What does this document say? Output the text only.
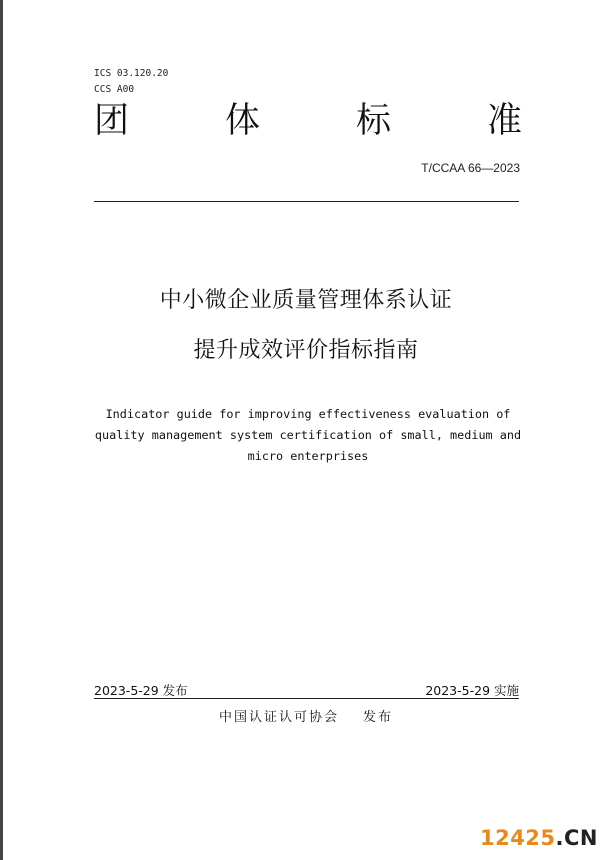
ICS 03.120.20
CCS A00
团	体	标	准
T/CCAA 66—2023
中小微企业质量管理体系认证
提升成效评价指标指南
Indicator guide for improving effectiveness evaluation of
quality management system certification of small, medium and
micro enterprises
2023-5-29 发布	2023-5-29 实施
中国认证认可协会 发布
12425.CN
